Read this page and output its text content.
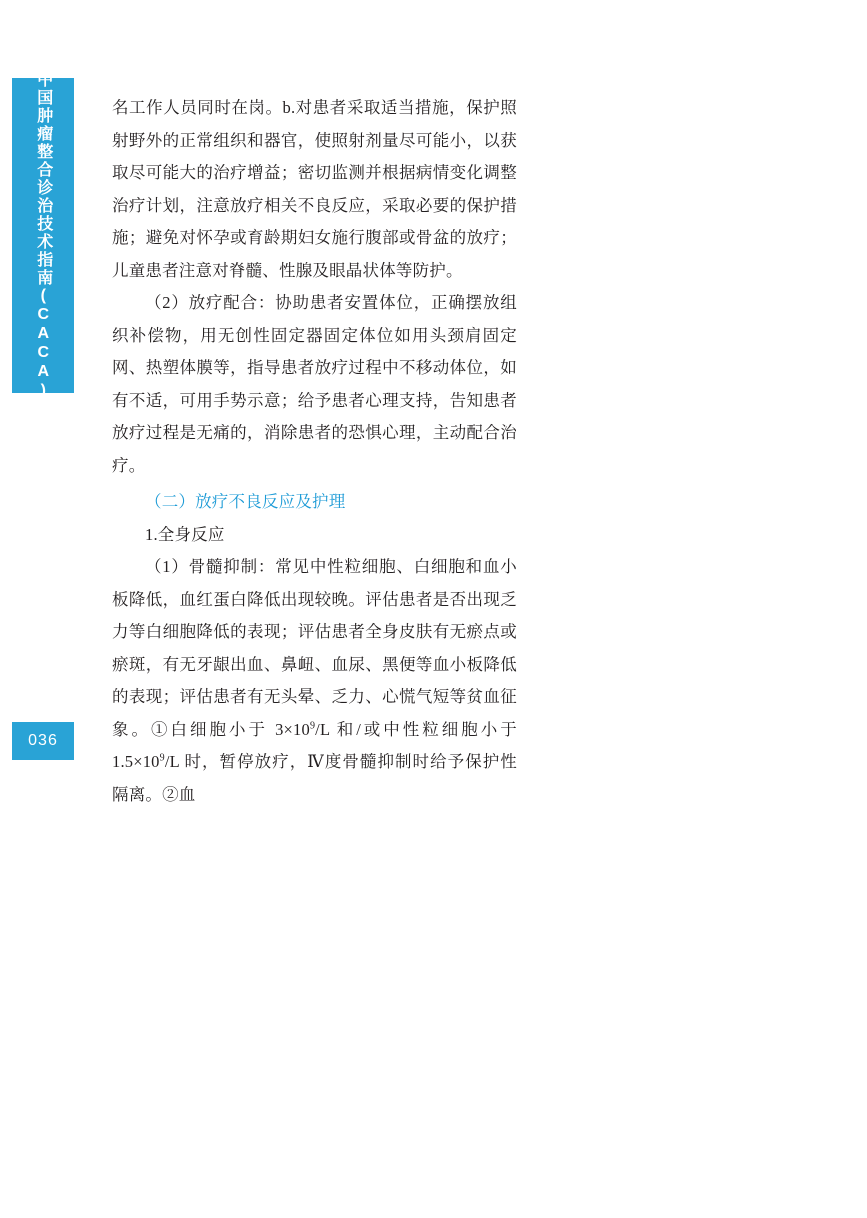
中国肿瘤整合诊治技术指南(CACA)
036

名工作人员同时在岗。b.对患者采取适当措施，保护照射野外的正常组织和器官，使照射剂量尽可能小，以获取尽可能大的治疗增益；密切监测并根据病情变化调整治疗计划，注意放疗相关不良反应，采取必要的保护措施；避免对怀孕或育龄期妇女施行腹部或骨盆的放疗；儿童患者注意对脊髓、性腺及眼晶状体等防护。

（2）放疗配合：协助患者安置体位，正确摆放组织补偿物，用无创性固定器固定体位如用头颈肩固定网、热塑体膜等，指导患者放疗过程中不移动体位，如有不适，可用手势示意；给予患者心理支持，告知患者放疗过程是无痛的，消除患者的恐惧心理，主动配合治疗。

（二）放疗不良反应及护理

1.全身反应

（1）骨髓抑制：常见中性粒细胞、白细胞和血小板降低，血红蛋白降低出现较晚。评估患者是否出现乏力等白细胞降低的表现；评估患者全身皮肤有无瘀点或瘀斑，有无牙龈出血、鼻衄、血尿、黑便等血小板降低的表现；评估患者有无头晕、乏力、心慌气短等贫血征象。①白细胞小于 $3\times 10^9/L$ 和/或中性粒细胞小于 $1.5\times 10^9/L$ 时，暂停放疗，Ⅳ度骨髓抑制时给予保护性隔离。②血
